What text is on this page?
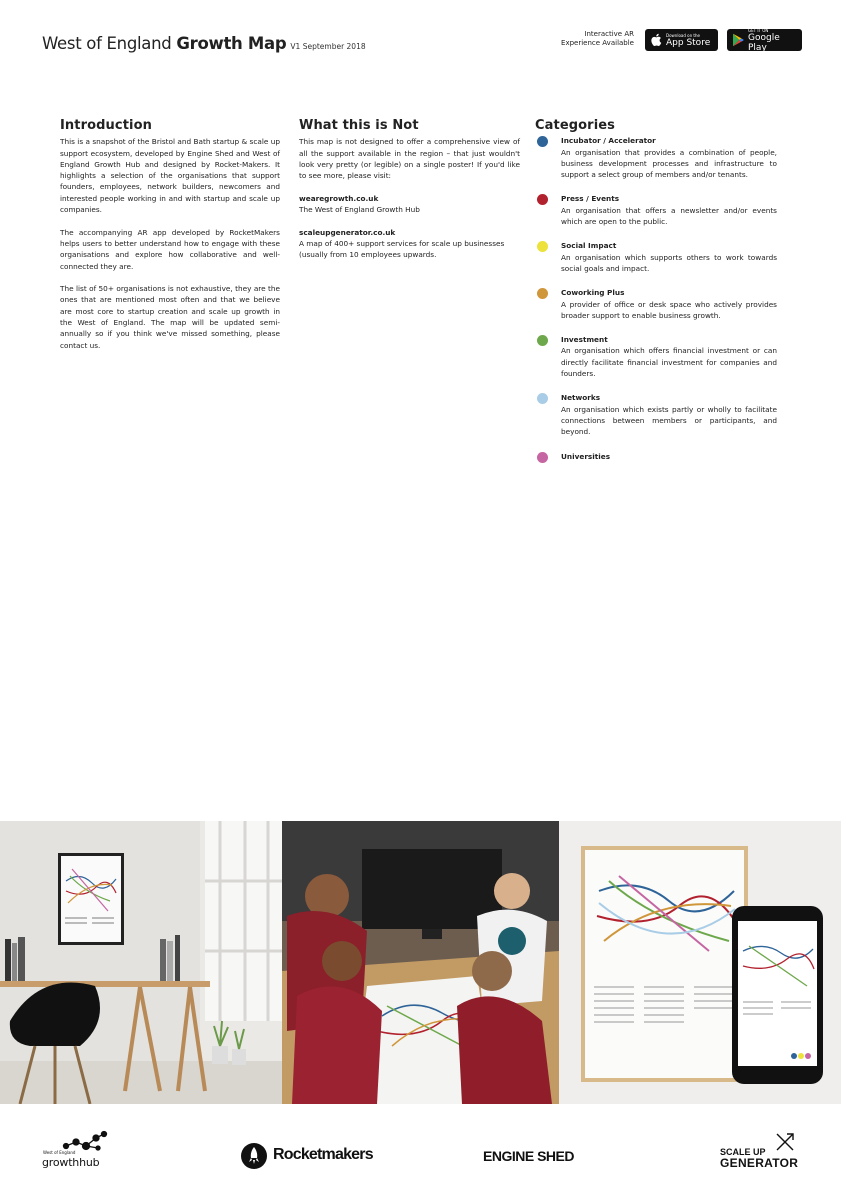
West of England Growth Map V1 September 2018
Interactive AR
Experience Available
Download on the
App Store
GET IT ON
Google Play
Introduction

This is a snapshot of the Bristol and Bath startup & scale up support ecosystem, developed by Engine Shed and West of England Growth Hub and designed by Rocket-Makers. It highlights a selection of the organisations that support founders, employees, network builders, newcomers and interested people working in and with startup and scale up companies.

The accompanying AR app developed by RocketMakers helps users to better understand how to engage with these organisations and explore how collaborative and well-connected they are.

The list of 50+ organisations is not exhaustive, they are the ones that are mentioned most often and that we believe are most core to startup creation and scale up growth in the West of England. The map will be updated semi-annually so if you think we've missed something, please contact us.

What this is Not

This map is not designed to offer a comprehensive view of all the support available in the region – that just wouldn't look very pretty (or legible) on a single poster! If you'd like to see more, please visit:

wearegrowth.co.uk
The West of England Growth Hub

scaleupgenerator.co.uk
A map of 400+ support services for scale up businesses (usually from 10 employees upwards.

Categories
Incubator / Accelerator
An organisation that provides a combination of people, business development processes and infrastructure to support a select group of members and/or tenants.
Press / Events
An organisation that offers a newsletter and/or events which are open to the public.
Social Impact
An organisation which supports others to work towards social goals and impact.
Coworking Plus
A provider of office or desk space who actively provides broader support to enable business growth.
Investment
An organisation which offers financial investment or can directly facilitate financial investment for companies and founders.
Networks
An organisation which exists partly or wholly to facilitate connections between members or participants, and beyond.
Universities
West of England
growthhub	Rocketmakers	ENGINE SHED	SCALE UP
GENERATOR
